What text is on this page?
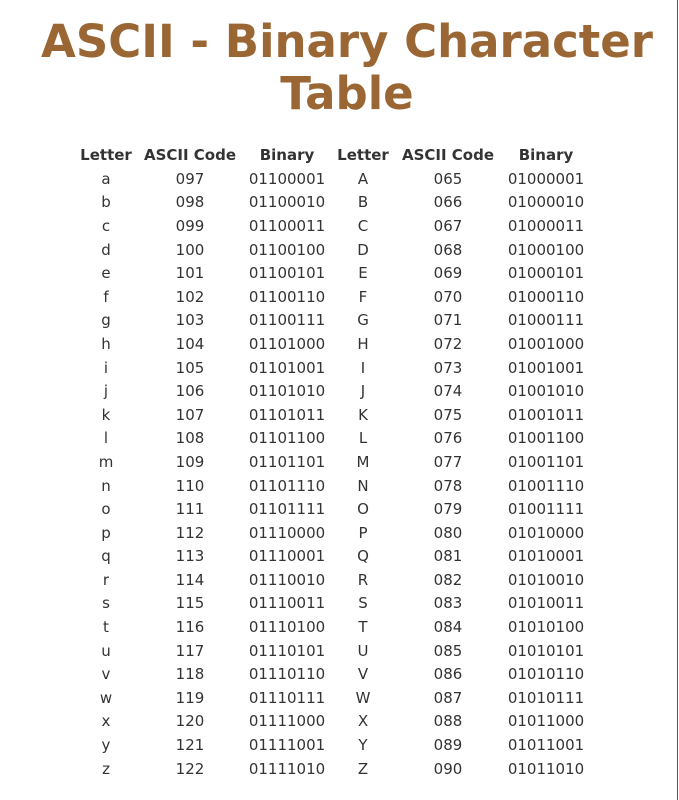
ASCII - Binary Character
Table
Letter	ASCII Code	Binary	Letter	ASCII Code	Binary
a	097	01100001	A	065	01000001
b	098	01100010	B	066	01000010
c	099	01100011	C	067	01000011
d	100	01100100	D	068	01000100
e	101	01100101	E	069	01000101
f	102	01100110	F	070	01000110
g	103	01100111	G	071	01000111
h	104	01101000	H	072	01001000
i	105	01101001	I	073	01001001
j	106	01101010	J	074	01001010
k	107	01101011	K	075	01001011
l	108	01101100	L	076	01001100
m	109	01101101	M	077	01001101
n	110	01101110	N	078	01001110
o	111	01101111	O	079	01001111
p	112	01110000	P	080	01010000
q	113	01110001	Q	081	01010001
r	114	01110010	R	082	01010010
s	115	01110011	S	083	01010011
t	116	01110100	T	084	01010100
u	117	01110101	U	085	01010101
v	118	01110110	V	086	01010110
w	119	01110111	W	087	01010111
x	120	01111000	X	088	01011000
y	121	01111001	Y	089	01011001
z	122	01111010	Z	090	01011010
